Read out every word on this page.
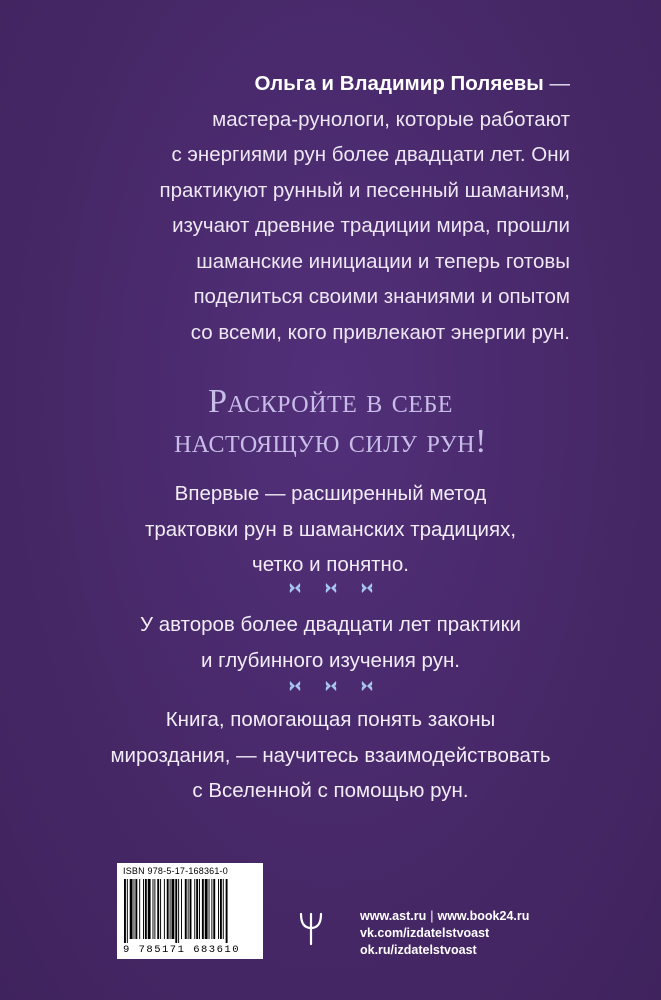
Ольга и Владимир Поляевы —
мастера-рунологи, которые работают
с энергиями рун более двадцати лет. Они
практикуют рунный и песенный шаманизм,
изучают древние традиции мира, прошли
шаманские инициации и теперь готовы
поделиться своими знаниями и опытом
со всеми, кого привлекают энергии рун.
Раскройте в себе
настоящую силу рун!
Впервые — расширенный метод
трактовки рун в шаманских традициях,
четко и понятно.
У авторов более двадцати лет практики
и глубинного изучения рун.
Книга, помогающая понять законы
мироздания, — научитесь взаимодействовать
с Вселенной с помощью рун.
ISBN 978-5-17-168361-0
9 785171 683610
www.ast.ru | www.book24.ru
vk.com/izdatelstvoast
ok.ru/izdatelstvoast
